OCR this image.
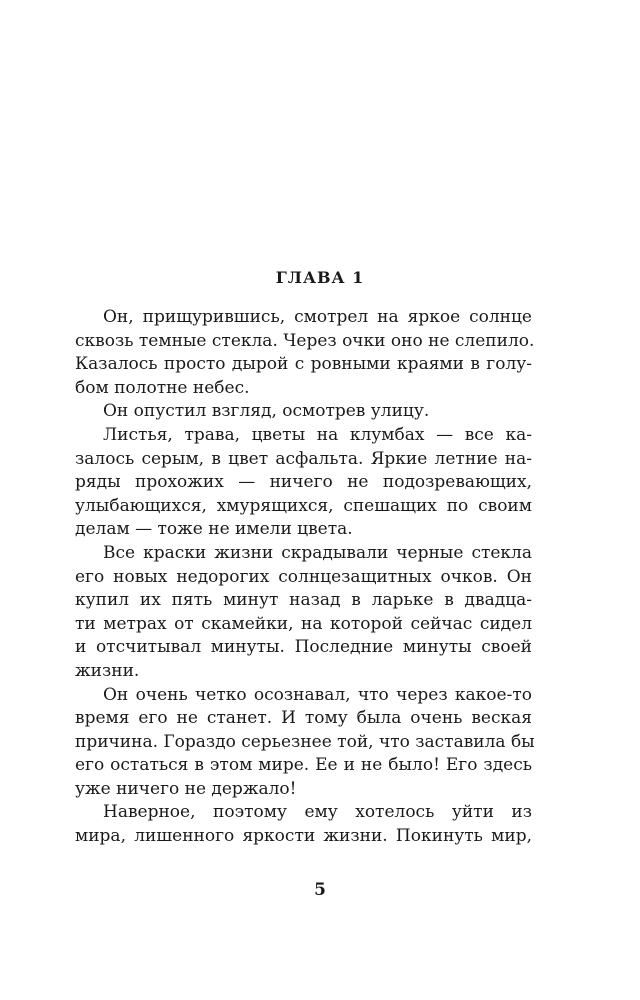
ГЛАВА 1

Он, прищурившись, смотрел на яркое солнце
сквозь темные стекла. Через очки оно не слепило.
Казалось просто дырой с ровными краями в голу-
бом полотне небес.

Он опустил взгляд, осмотрев улицу.

Листья, трава, цветы на клумбах — все ка-
залось серым, в цвет асфальта. Яркие летние на-
ряды прохожих — ничего не подозревающих,
улыбающихся, хмурящихся, спешащих по своим
делам — тоже не имели цвета.

Все краски жизни скрадывали черные стекла
его новых недорогих солнцезащитных очков. Он
купил их пять минут назад в ларьке в двадца-
ти метрах от скамейки, на которой сейчас сидел
и отсчитывал минуты. Последние минуты своей
жизни.

Он очень четко осознавал, что через какое-то
время его не станет. И тому была очень веская
причина. Гораздо серьезнее той, что заставила бы
его остаться в этом мире. Ее и не было! Его здесь
уже ничего не держало!

Наверное, поэтому ему хотелось уйти из
мира, лишенного яркости жизни. Покинуть мир,

5
